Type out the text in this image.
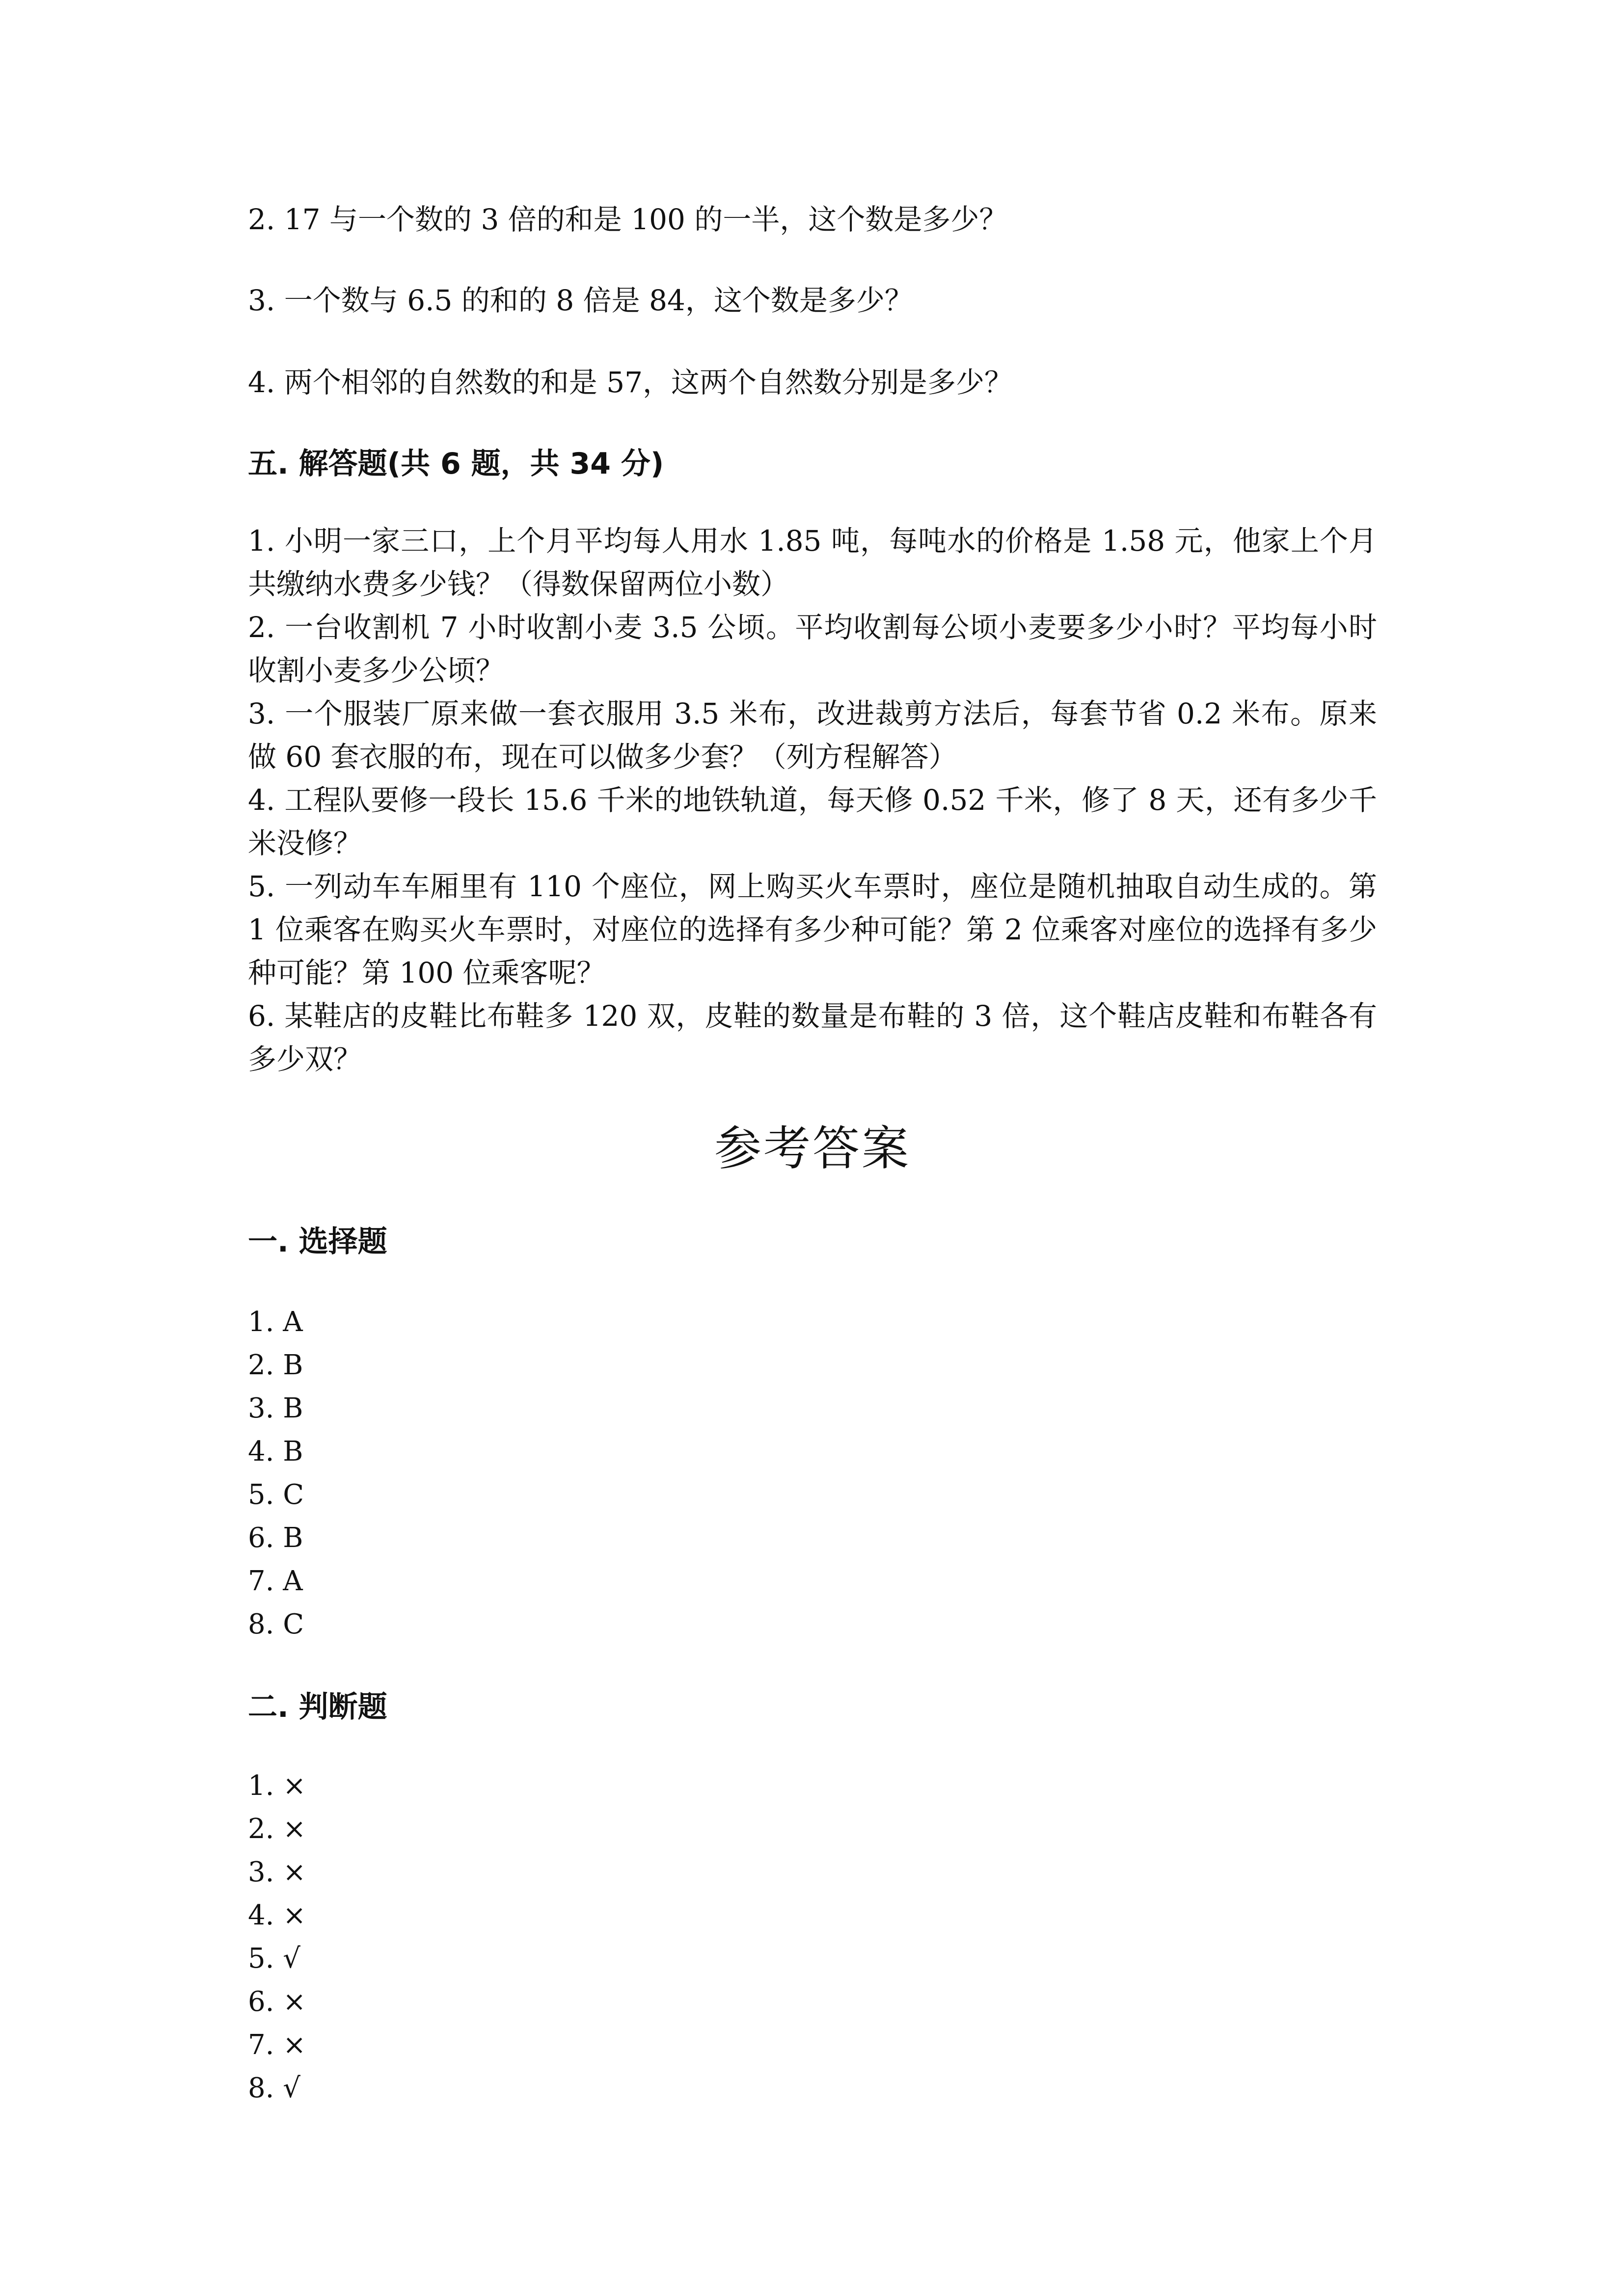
2. 17 与一个数的 3 倍的和是 100 的一半，这个数是多少？
3. 一个数与 6.5 的和的 8 倍是 84，这个数是多少？
4. 两个相邻的自然数的和是 57，这两个自然数分别是多少？
五. 解答题(共 6 题，共 34 分)
1. 小明一家三口，上个月平均每人用水 1.85 吨，每吨水的价格是 1.58 元，他家上个月共缴纳水费多少钱？（得数保留两位小数）
2. 一台收割机 7 小时收割小麦 3.5 公顷。平均收割每公顷小麦要多少小时？平均每小时收割小麦多少公顷？
3. 一个服装厂原来做一套衣服用 3.5 米布，改进裁剪方法后，每套节省 0.2 米布。原来做 60 套衣服的布，现在可以做多少套？（列方程解答）
4. 工程队要修一段长 15.6 千米的地铁轨道，每天修 0.52 千米，修了 8 天，还有多少千米没修？
5. 一列动车车厢里有 110 个座位，网上购买火车票时，座位是随机抽取自动生成的。第 1 位乘客在购买火车票时，对座位的选择有多少种可能？第 2 位乘客对座位的选择有多少种可能？第 100 位乘客呢？
6. 某鞋店的皮鞋比布鞋多 120 双，皮鞋的数量是布鞋的 3 倍，这个鞋店皮鞋和布鞋各有多少双？
参考答案
一. 选择题
1. A
2. B
3. B
4. B
5. C
6. B
7. A
8. C
二. 判断题
1. ×
2. ×
3. ×
4. ×
5. √
6. ×
7. ×
8. √
